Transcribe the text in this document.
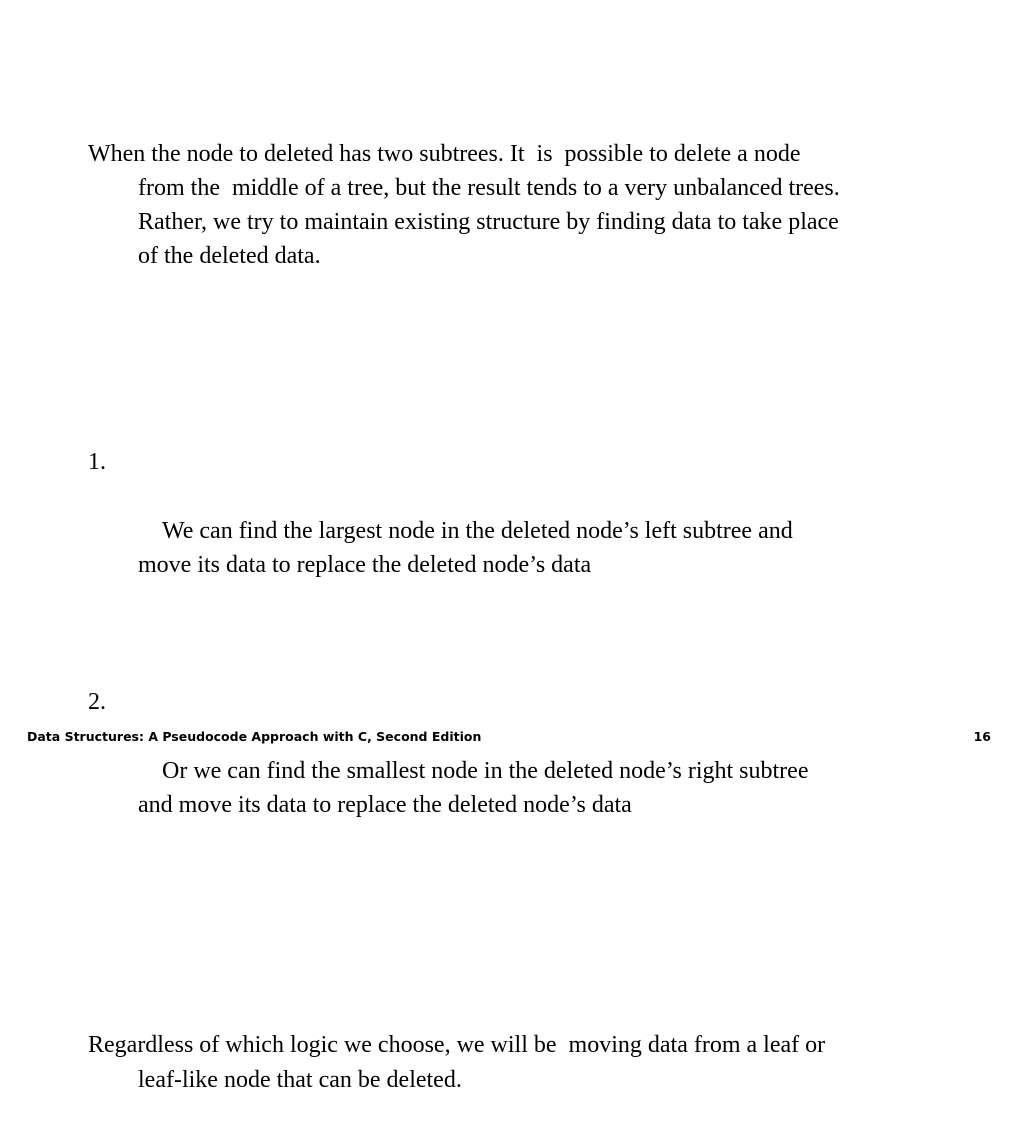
When the node to deleted has two subtrees. It  is  possible to delete a node  from the  middle of a tree, but the result tends to a very unbalanced trees. Rather, we try to maintain existing structure by finding data to take place of the deleted data.

1.

We can find the largest node in the deleted node’s left subtree and move its data to replace the deleted node’s data

2.

Or we can find the smallest node in the deleted node’s right subtree and move its data to replace the deleted node’s data

Regardless of which logic we choose, we will be  moving data from a leaf or leaf-like node that can be deleted.

Data Structures: A Pseudocode Approach with C, Second Edition	16
